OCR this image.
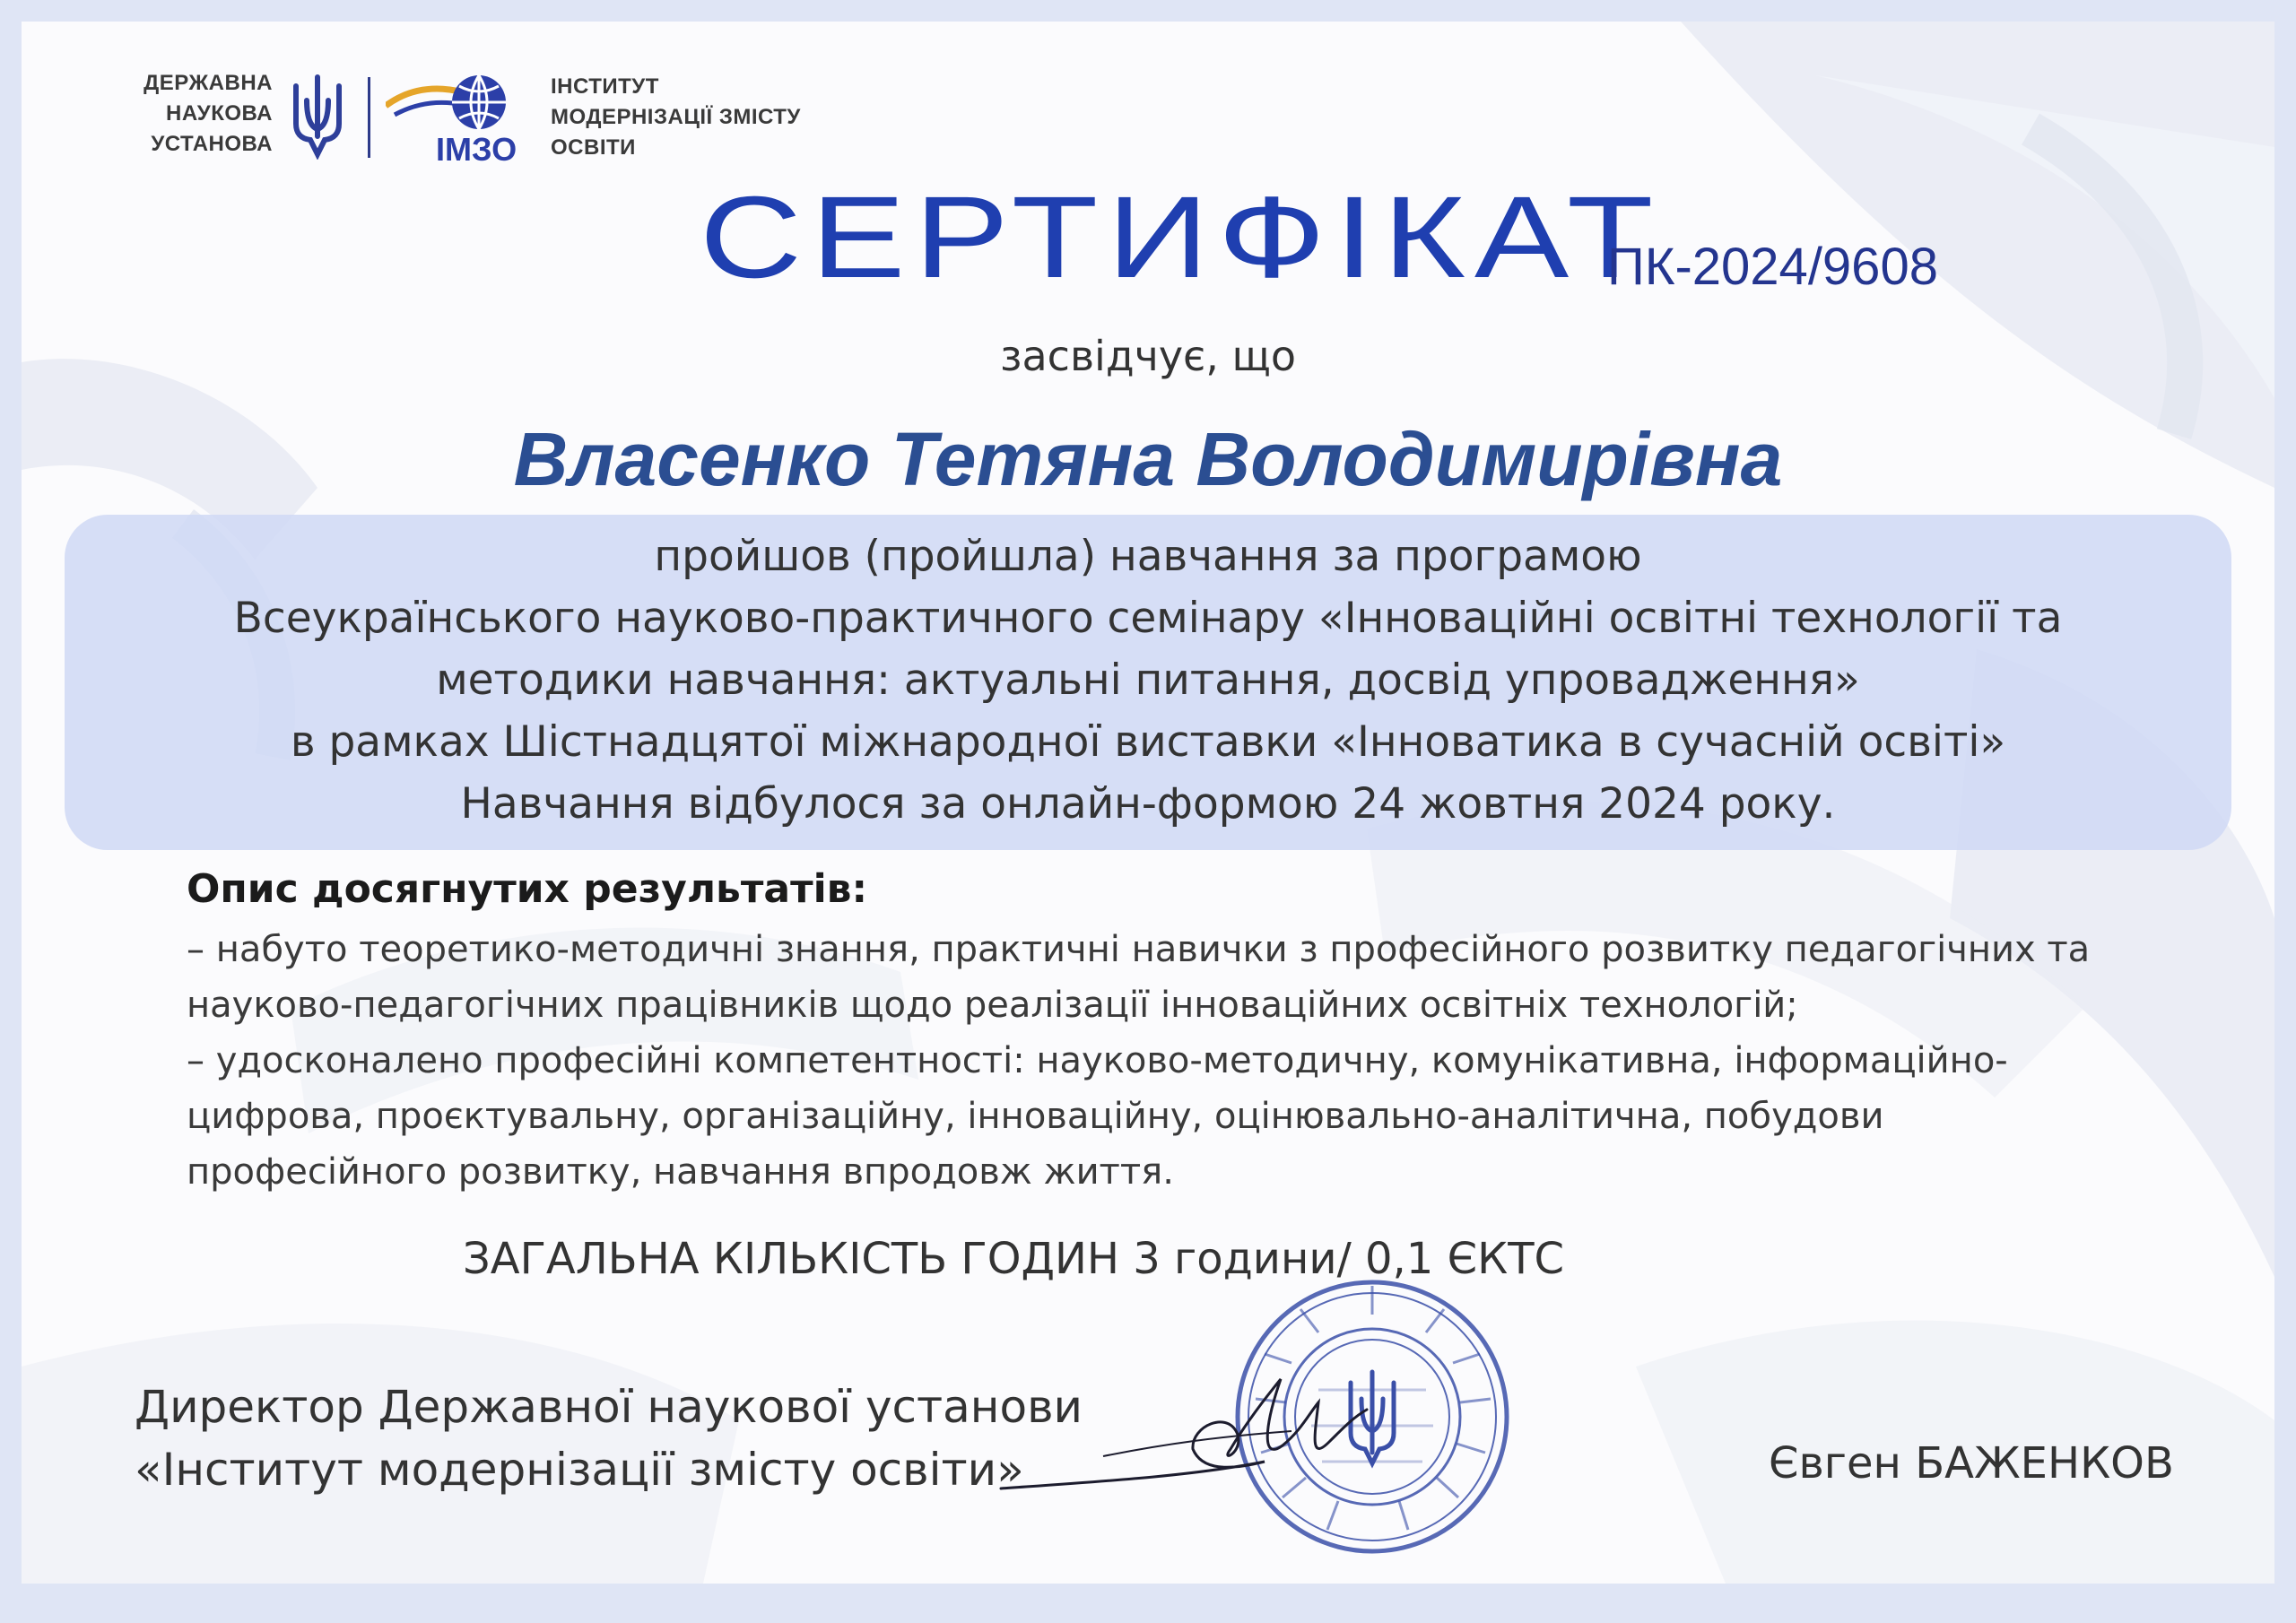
ДЕРЖАВНА
НАУКОВА
УСТАНОВА	ІМЗО
ІНСТИТУТ
МОДЕРНІЗАЦІЇ ЗМІСТУ
ОСВІТИ
СЕРТИФІКАТ
ПК-2024/9608
засвідчує, що
Власенко Тетяна Володимирівна
пройшов (пройшла) навчання за програмою
Всеукраїнського науково-практичного семінару «Інноваційні освітні технології та
методики навчання: актуальні питання, досвід упровадження»
в рамках Шістнадцятої міжнародної виставки «Інноватика в сучасній освіті»
Навчання відбулося за онлайн-формою 24 жовтня 2024 року.
Опис досягнутих результатів:
– набуто теоретико-методичні знання, практичні навички з професійного розвитку педагогічних та
науково-педагогічних працівників щодо реалізації інноваційних освітніх технологій;
– удосконалено професійні компетентності: науково-методичну, комунікативна, інформаційно-
цифрова, проєктувальну, організаційну, інноваційну, оцінювально-аналітична, побудови
професійного розвитку, навчання впродовж життя.
ЗАГАЛЬНА КІЛЬКІСТЬ ГОДИН 3 години/ 0,1 ЄКТС
Директор Державної наукової установи
«Інститут модернізації змісту освіти»	Євген БАЖЕНКОВ
